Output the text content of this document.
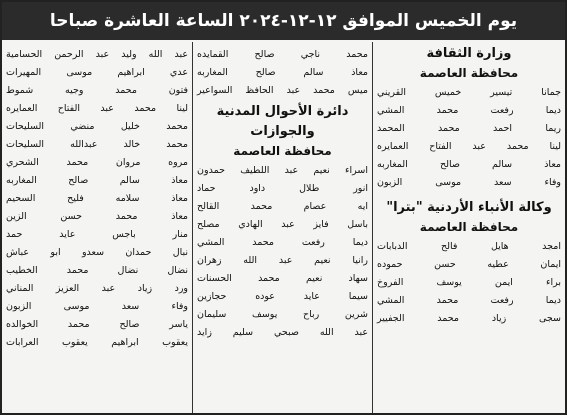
يوم الخميس الموافق ١٢-١٢-٢٠٢٤ الساعة العاشرة صباحا
وزارة الثقافة
محافظة العاصمة
جمانا
تيسير
خميس
القريني
ديما
رفعت
محمد
المشي
ريما
احمد
محمد
المحمد
لينا
محمد
عبد
الفتاح
العمايره
معاذ
سالم
صالح
المغاربه
وفاء
سعد
موسى
الزبون
وكالة الأنباء الأردنية "بترا"
محافظة العاصمة
امجد
هايل
فالح
الدبابات
ايمان
عطيه
حسن
حموده
براء
ايمن
يوسف
الفروخ
ديما
رفعت
محمد
المشي
سجى
زياد
محمد
الجفيير
محمد
ناجي
صالح
القمايده
معاذ
سالم
صالح
المغاربه
ميس
محمد
عبد
الحافظ
السواعير
دائرة الأحوال المدنية والجوازات
محافظة العاصمة
اسراء
نعيم
عبد
اللطيف
حمدون
انور
طلال
داود
حماد
ايه
عصام
محمد
القالح
باسل
فايز
عبد
الهادي
مصلح
ديما
رفعت
محمد
المشي
رانيا
نعيم
عبد
الله
زهران
سهاد
نعيم
محمد
الحسنات
سيما
عايد
عوده
حجازين
شرين
رباح
يوسف
سليمان
عبد
الله
صبحي
سليم
زايد
عبد
الله
وليد
عبد
الرحمن
الحسامية
عدي
ابراهيم
موسى
المهيرات
فتون
محمد
وجيه
شموط
لينا
محمد
عبد
الفتاح
العمايره
محمد
خليل
منضي
السليحات
محمد
خالد
عبدالله
السليحات
مروه
مروان
محمد
الشحري
معاذ
سالم
صالح
المغاربه
معاذ
سلامه
فليح
السحيم
معاذ
محمد
حسن
الزين
منار
باجس
عايد
حمد
نبال
حمدان
سعدو
ابو
عباش
نضال
نضال
محمد
الخطيب
ورد
زياد
عبد
العزيز
المناني
وفاء
سعد
موسى
الزبون
ياسر
صالح
محمد
الخوالده
يعقوب
ابراهيم
يعقوب
العرابات
